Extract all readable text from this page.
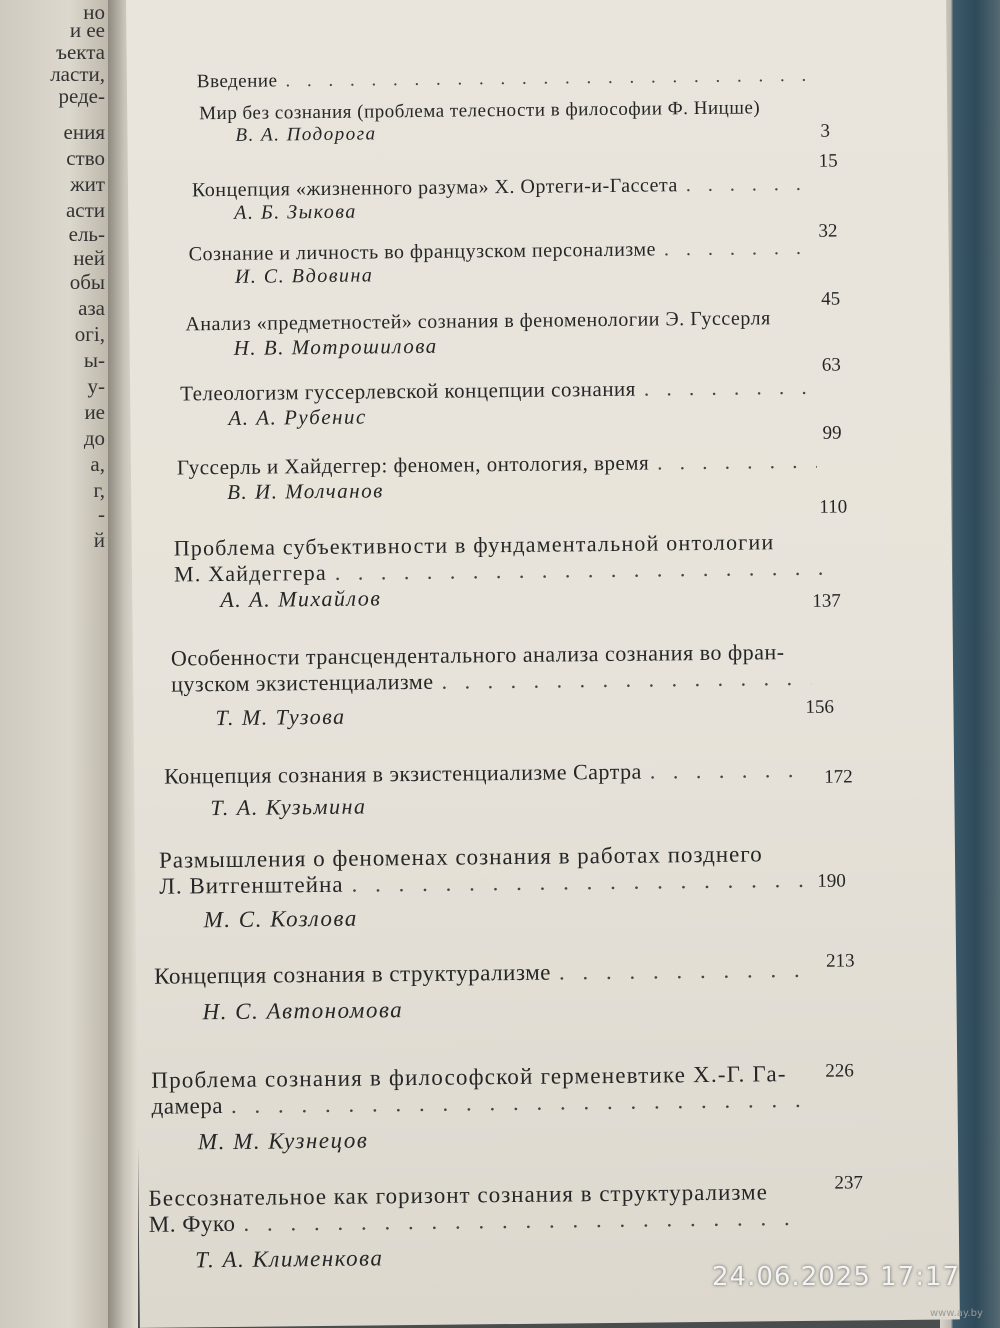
но
и ее
ъекта
ласти,
реде-
ения
ство
жит
асти
ель-
ней
обы
аза
огі,
ы-
у-
ие
до
а,
г,
-
й
Введение
. . .
3
Мир без сознания (проблема телесности в философии Ф. Ницше)
В. А. Подорога
15
Концепция «жизненного разума» Х. Ортеги-и-Гассета
. . .
А. Б. Зыкова
32
Сознание и личность во французском персонализме
. . .
И. С. Вдовина
45
Анализ «предметностей» сознания в феноменологии Э. Гуссерля
Н. В. Мотрошилова
63
Телеологизм гуссерлевской концепции сознания
. . .
А. А. Рубенис
99
Гуссерль и Хайдеггер: феномен, онтология, время
. . .
В. И. Молчанов
110
Проблема субъективности в фундаментальной онтологии
М. Хайдеггера
. . .
А. А. Михайлов	137
Особенности трансцендентального анализа сознания во фран-
цузском экзистенциализме
. . .
Т. М. Тузова	156
Концепция сознания в экзистенциализме Сартра
. . .
Т. А. Кузьмина
172
Размышления о феноменах сознания в работах позднего
Л. Витгенштейна
. . .
М. С. Козлова
190
Концепция сознания в структурализме
. . .
Н. С. Автономова
213
Проблема сознания в философской герменевтике Х.-Г. Га-
дамера
. . .
М. М. Кузнецов
226
Бессознательное как горизонт сознания в структурализме
М. Фуко
. . .
Т. А. Клименкова
237
24.06.2025 17:17
www.ay.by
